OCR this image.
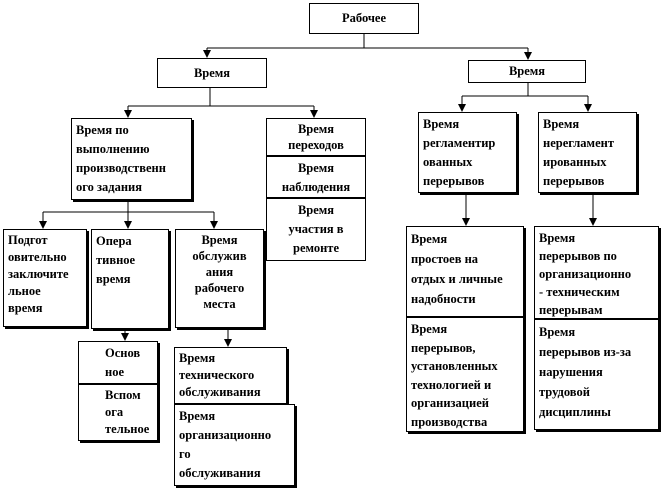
Рабочее
Время	Время
Время по
выполнению
производственн
ого задания
Время
переходов
Время
наблюдения
Время
участия в
ремонте
Подгот
овительно
заключите
льное
время
Опера
тивное
время
Время
обслужив
ания
рабочего
места
Основ
ное
Вспом
ога
тельное
Время
технического
обслуживания
Время
организационно
го
обслуживания
Время
регламентир
ованных
перерывов
Время
нерегламент
ированных
перерывов
Время
простоев на
отдых и личные
надобности
Время
перерывов,
установленных
технологией и
организацией
производства
Время
перерывов по
организационно
- техническим
перерывам
Время
перерывов из-за
нарушения
трудовой
дисциплины
